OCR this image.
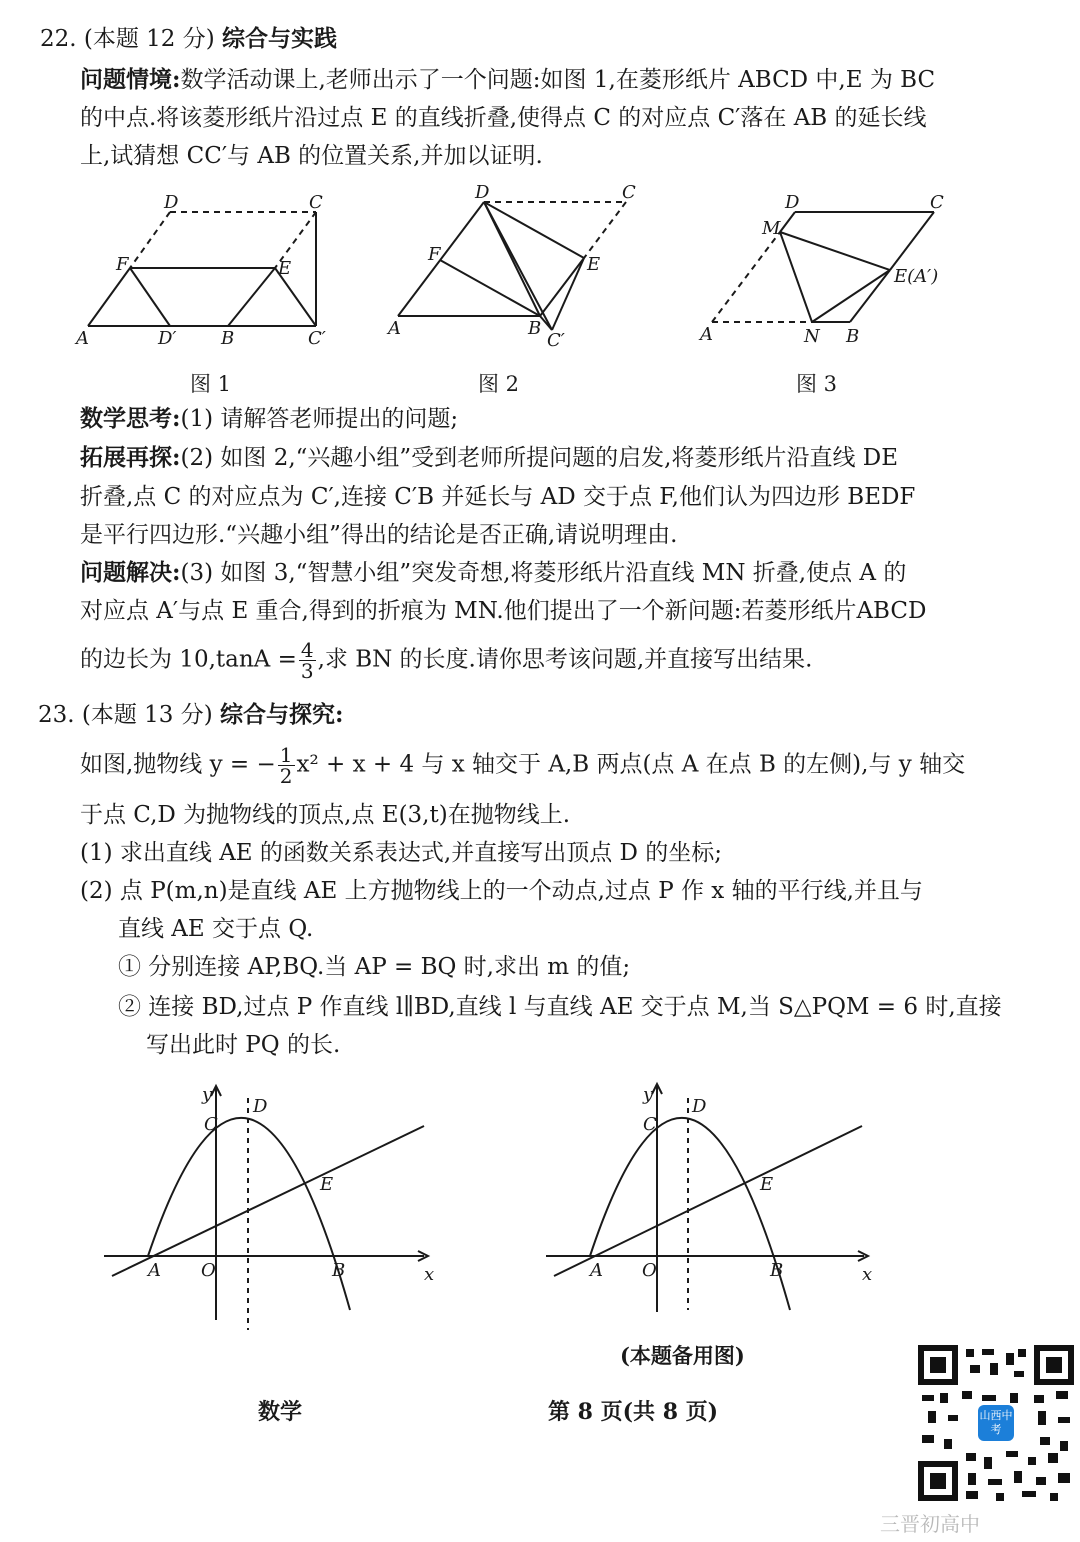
22. (本题 12 分) 综合与实践
问题情境:数学活动课上,老师出示了一个问题:如图 1,在菱形纸片 ABCD 中,E 为 BC
的中点.将该菱形纸片沿过点 E 的直线折叠,使得点 C 的对应点 C′落在 AB 的延长线
上,试猜想 CC′与 AB 的位置关系,并加以证明.
A	D′ B	C′
F	E
D	C
A	B
C′
F	E
D	C
A	N B
M
D	C
E(A′)
y
x
O
A	B
C
D
E
y
x
O
A	B
C
D
E
图 1	图 2	图 3
数学思考:(1) 请解答老师提出的问题;
拓展再探:(2) 如图 2,“兴趣小组”受到老师所提问题的启发,将菱形纸片沿直线 DE
折叠,点 C 的对应点为 C′,连接 C′B 并延长与 AD 交于点 F,他们认为四边形 BEDF
是平行四边形.“兴趣小组”得出的结论是否正确,请说明理由.
问题解决:(3) 如图 3,“智慧小组”突发奇想,将菱形纸片沿直线 MN 折叠,使点 A 的
对应点 A′与点 E 重合,得到的折痕为 MN.他们提出了一个新问题:若菱形纸片ABCD
的边长为 $10,\tan A = \frac{4}{3}$ ,求 BN 的长度.请你思考该问题,并直接写出结果.
23. (本题 13 分) 综合与探究:
如图,抛物线 y = − $\frac{1}{2} x^2 + x + 4$ 与 x 轴交于 A,B 两点(点 A 在点 B 的左侧),与 y 轴交
于点 C,D 为抛物线的顶点,点 E(3,t)在抛物线上.
(1) 求出直线 AE 的函数关系表达式,并直接写出顶点 D 的坐标;
(2) 点 P(m,n)是直线 AE 上方抛物线上的一个动点,过点 P 作 x 轴的平行线,并且与
直线 AE 交于点 Q.
① 分别连接 AP,BQ.当 AP = BQ 时,求出 m 的值;
② 连接 BD,过点 P 作直线 l∥BD,直线 l 与直线 AE 交于点 M,当 S△PQM = 6 时,直接
写出此时 PQ 的长.
(本题备用图)
数学	第 8 页(共 8 页)	山西中考
三晋初高中
